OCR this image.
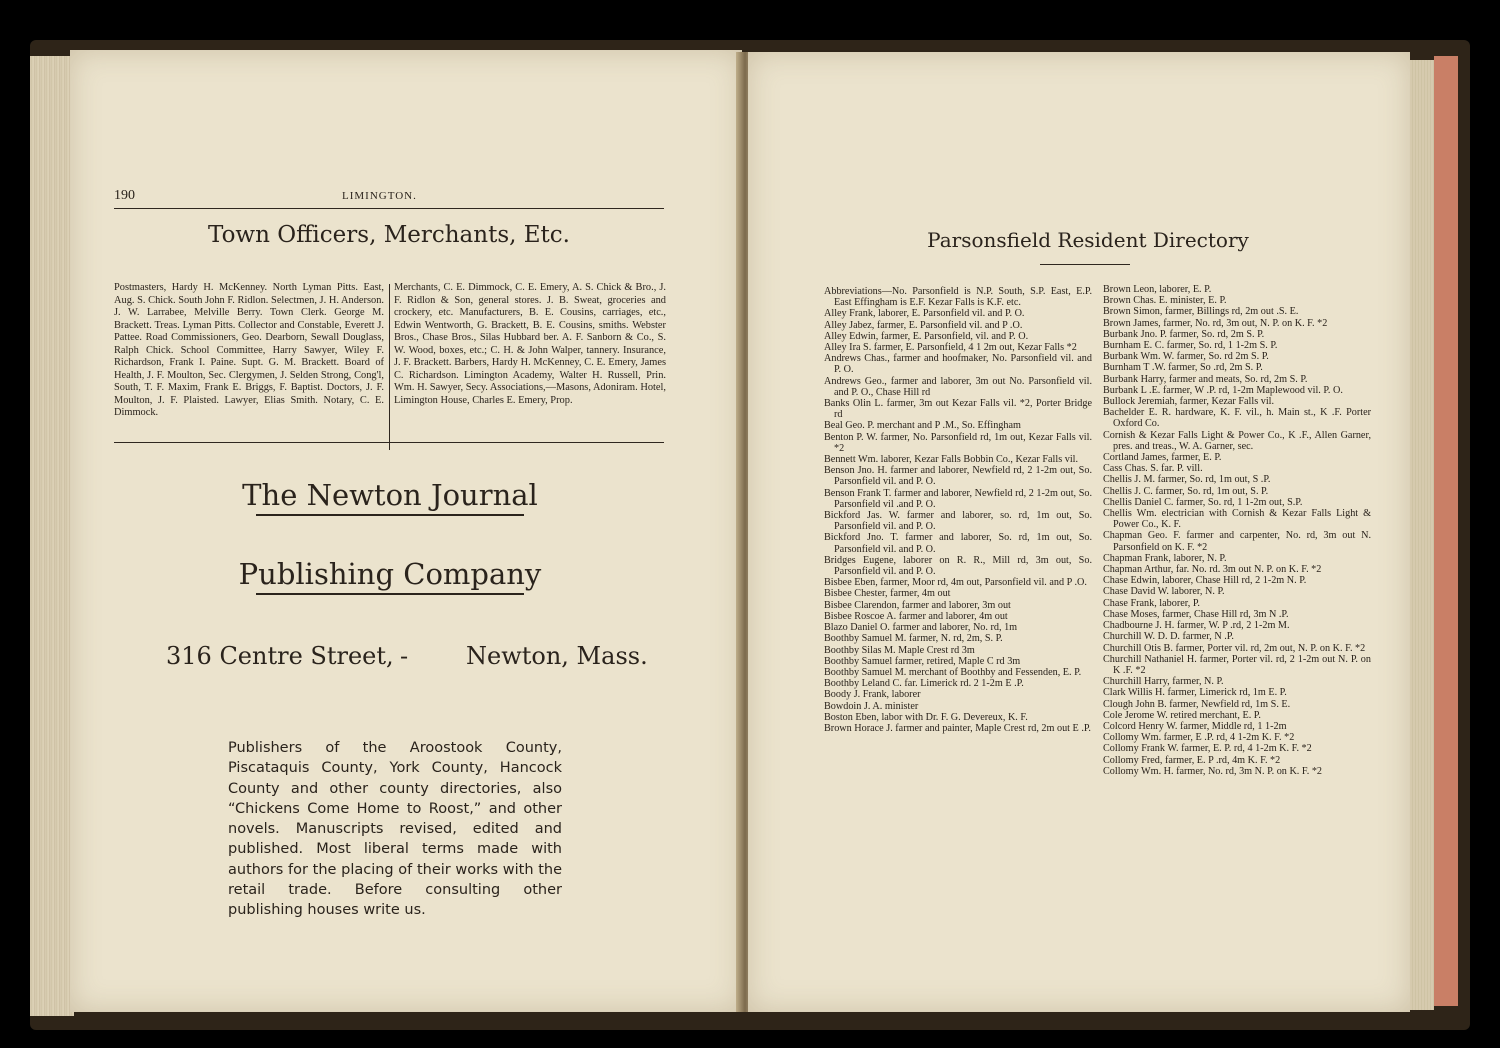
190	LIMINGTON.
Town Officers, Merchants, Etc.
Postmasters, Hardy H. McKenney. North Lyman Pitts. East, Aug. S. Chick. South John F. Ridlon. Selectmen, J. H. Anderson. J. W. Larrabee, Melville Berry. Town Clerk. George M. Brackett. Treas. Lyman Pitts. Collector and Constable, Everett J. Pattee. Road Commissioners, Geo. Dearborn, Sewall Douglass, Ralph Chick. School Committee, Harry Sawyer, Wiley F. Richardson, Frank I. Paine. Supt. G. M. Brackett. Board of Health, J. F. Moulton, Sec. Clergymen, J. Selden Strong, Cong'l, South, T. F. Maxim, Frank E. Briggs, F. Baptist. Doctors, J. F. Moulton, J. F. Plaisted. Lawyer, Elias Smith. Notary, C. E. Dimmock.
Merchants, C. E. Dimmock, C. E. Emery, A. S. Chick & Bro., J. F. Ridlon & Son, general stores. J. B. Sweat, groceries and crockery, etc. Manufacturers, B. E. Cousins, carriages, etc., Edwin Wentworth, G. Brackett, B. E. Cousins, smiths. Webster Bros., Chase Bros., Silas Hubbard ber. A. F. Sanborn & Co., S. W. Wood, boxes, etc.; C. H. & John Walper, tannery. Insurance, J. F. Brackett. Barbers, Hardy H. McKenney, C. E. Emery, James C. Richardson. Limington Academy, Walter H. Russell, Prin. Wm. H. Sawyer, Secy. Associations,—Masons, Adoniram. Hotel, Limington House, Charles E. Emery, Prop.
The Newton Journal
Publishing Company
316 Centre Street, - Newton, Mass.
Publishers of the Aroostook County, Piscataquis County, York County, Hancock County and other county directories, also “Chickens Come Home to Roost,” and other novels. Manuscripts revised, edited and published. Most liberal terms made with authors for the placing of their works with the retail trade. Before consulting other publishing houses write us.
Parsonsfield Resident Directory
Abbreviations—No. Parsonfield is N.P. South, S.P. East, E.P. East Effingham is E.F. Kezar Falls is K.F. etc.
Alley Frank, laborer, E. Parsonfield vil. and P. O.
Alley Jabez, farmer, E. Parsonfield vil. and P .O.
Alley Edwin, farmer, E. Parsonfield, vil. and P. O.
Alley Ira S. farmer, E. Parsonfield, 4 1 2m out, Kezar Falls *2
Andrews Chas., farmer and hoofmaker, No. Parsonfield vil. and P. O.
Andrews Geo., farmer and laborer, 3m out No. Parsonfield vil. and P. O., Chase Hill rd
Banks Olin L. farmer, 3m out Kezar Falls vil. *2, Porter Bridge rd
Beal Geo. P. merchant and P .M., So. Effingham
Benton P. W. farmer, No. Parsonfield rd, 1m out, Kezar Falls vil. *2
Bennett Wm. laborer, Kezar Falls Bobbin Co., Kezar Falls vil.
Benson Jno. H. farmer and laborer, Newfield rd, 2 1-2m out, So. Parsonfield vil. and P. O.
Benson Frank T. farmer and laborer, Newfield rd, 2 1-2m out, So. Parsonfield vil .and P. O.
Bickford Jas. W. farmer and laborer, so. rd, 1m out, So. Parsonfield vil. and P. O.
Bickford Jno. T. farmer and laborer, So. rd, 1m out, So. Parsonfield vil. and P. O.
Bridges Eugene, laborer on R. R., Mill rd, 3m out, So. Parsonfield vil. and P. O.
Bisbee Eben, farmer, Moor rd, 4m out, Parsonfield vil. and P .O.
Bisbee Chester, farmer, 4m out
Bisbee Clarendon, farmer and laborer, 3m out
Bisbee Roscoe A. farmer and laborer, 4m out
Blazo Daniel O. farmer and laborer, No. rd, 1m
Boothby Samuel M. farmer, N. rd, 2m, S. P.
Boothby Silas M. Maple Crest rd 3m
Boothby Samuel farmer, retired, Maple C rd 3m
Boothby Samuel M. merchant of Boothby and Fessenden, E. P.
Boothby Leland C. far. Limerick rd. 2 1-2m E .P.
Boody J. Frank, laborer
Bowdoin J. A. minister
Boston Eben, labor with Dr. F. G. Devereux, K. F.
Brown Horace J. farmer and painter, Maple Crest rd, 2m out E .P.
Brown Leon, laborer, E. P.
Brown Chas. E. minister, E. P.
Brown Simon, farmer, Billings rd, 2m out .S. E.
Brown James, farmer, No. rd, 3m out, N. P. on K. F. *2
Burbank Jno. P. farmer, So. rd, 2m S. P.
Burnham E. C. farmer, So. rd, 1 1-2m S. P.
Burbank Wm. W. farmer, So. rd 2m S. P.
Burnham T .W. farmer, So .rd, 2m S. P.
Burbank Harry, farmer and meats, So. rd, 2m S. P.
Burbank L .E. farmer, W .P. rd, 1-2m Maplewood vil. P. O.
Bullock Jeremiah, farmer, Kezar Falls vil.
Bachelder E. R. hardware, K. F. vil., h. Main st., K .F. Porter Oxford Co.
Cornish & Kezar Falls Light & Power Co., K .F., Allen Garner, pres. and treas., W. A. Garner, sec.
Cortland James, farmer, E. P.
Cass Chas. S. far. P. vill.
Chellis J. M. farmer, So. rd, 1m out, S .P.
Chellis J. C. farmer, So. rd, 1m out, S. P.
Chellis Daniel C. farmer, So. rd, 1 1-2m out, S.P.
Chellis Wm. electrician with Cornish & Kezar Falls Light & Power Co., K. F.
Chapman Geo. F. farmer and carpenter, No. rd, 3m out N. Parsonfield on K. F. *2
Chapman Frank, laborer, N. P.
Chapman Arthur, far. No. rd. 3m out N. P. on K. F. *2
Chase Edwin, laborer, Chase Hill rd, 2 1-2m N. P.
Chase David W. laborer, N. P.
Chase Frank, laborer, P.
Chase Moses, farmer, Chase Hill rd, 3m N .P.
Chadbourne J. H. farmer, W. P .rd, 2 1-2m M.
Churchill W. D. D. farmer, N .P.
Churchill Otis B. farmer, Porter vil. rd, 2m out, N. P. on K. F. *2
Churchill Nathaniel H. farmer, Porter vil. rd, 2 1-2m out N. P. on K .F. *2
Churchill Harry, farmer, N. P.
Clark Willis H. farmer, Limerick rd, 1m E. P.
Clough John B. farmer, Newfield rd, 1m S. E.
Cole Jerome W. retired merchant, E. P.
Colcord Henry W. farmer, Middle rd, 1 1-2m
Collomy Wm. farmer, E .P. rd, 4 1-2m K. F. *2
Collomy Frank W. farmer, E. P. rd, 4 1-2m K. F. *2
Collomy Fred, farmer, E. P .rd, 4m K. F. *2
Collomy Wm. H. farmer, No. rd, 3m N. P. on K. F. *2
